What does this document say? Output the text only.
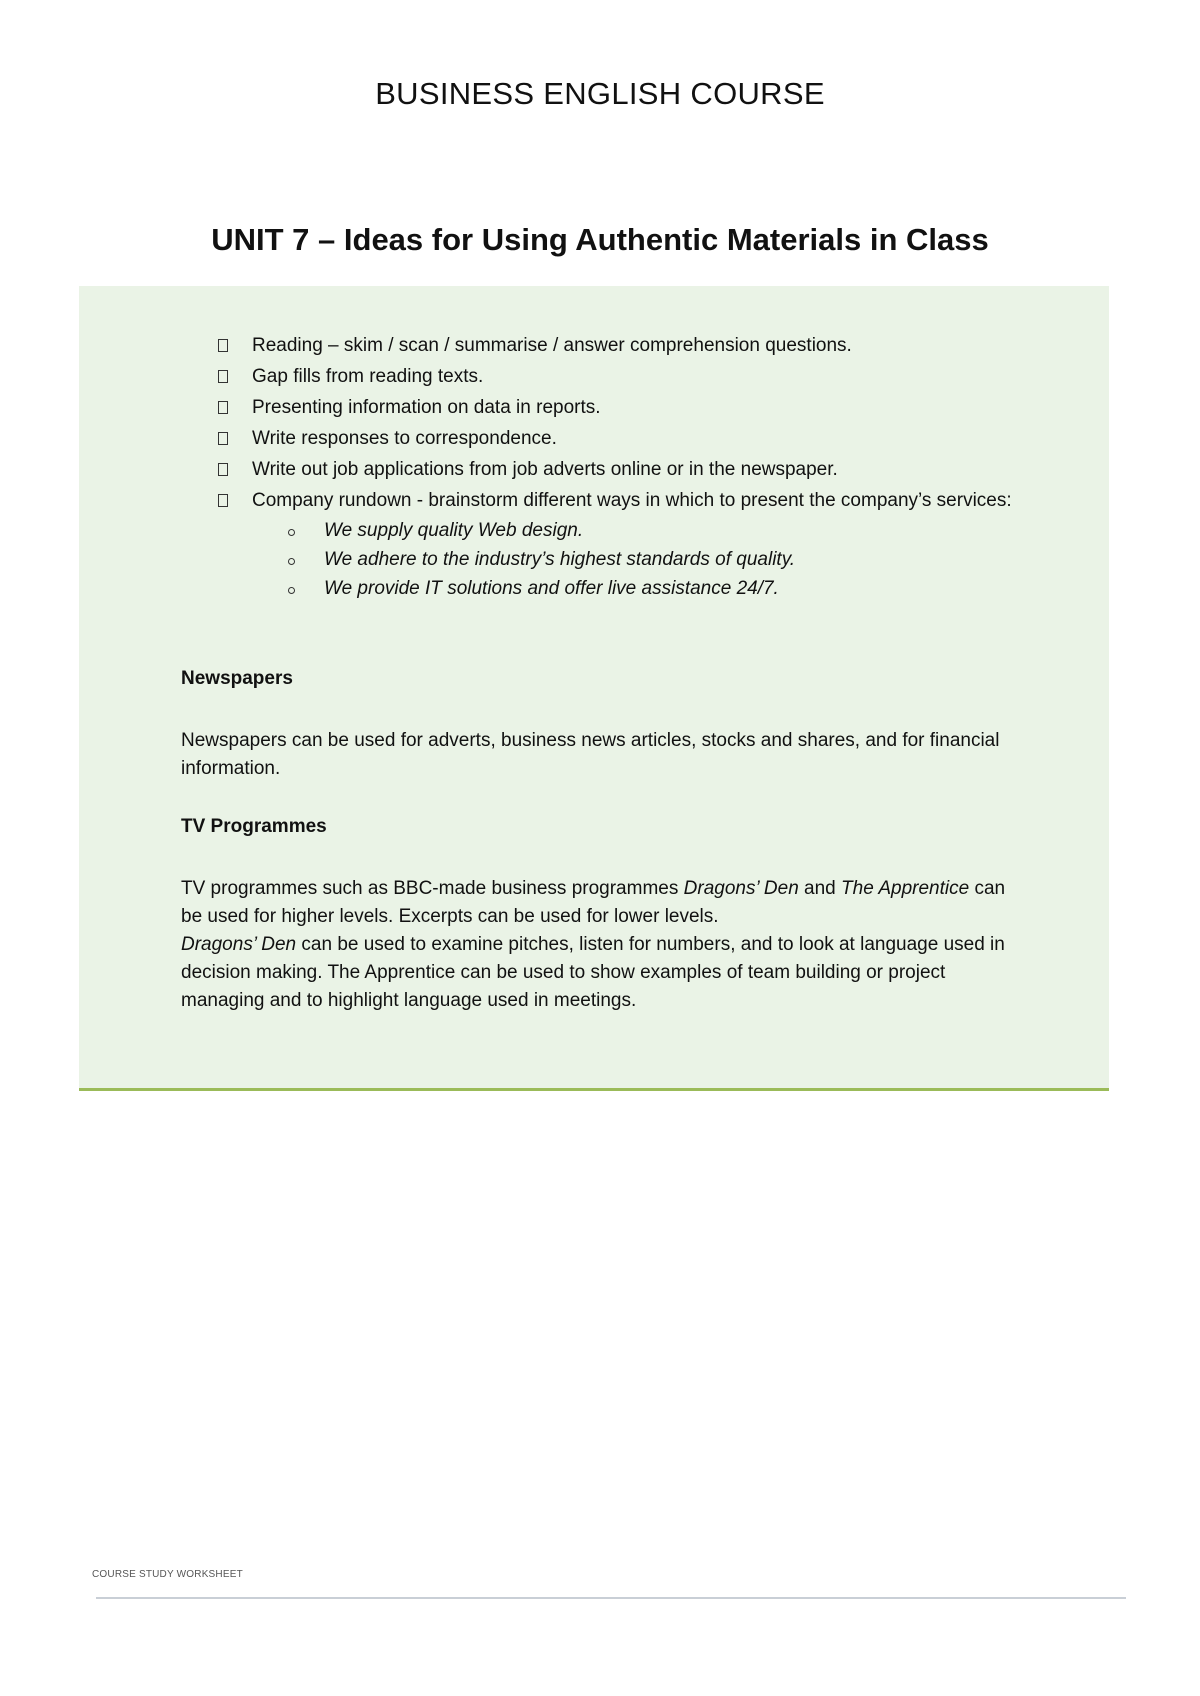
BUSINESS ENGLISH COURSE
UNIT 7 – Ideas for Using Authentic Materials in Class
Reading – skim / scan / summarise / answer comprehension questions.
Gap fills from reading texts.
Presenting information on data in reports.
Write responses to correspondence.
Write out job applications from job adverts online or in the newspaper.
Company rundown - brainstorm different ways in which to present the company’s services:
We supply quality Web design.
We adhere to the industry’s highest standards of quality.
We provide IT solutions and offer live assistance 24/7.
Newspapers
Newspapers can be used for adverts, business news articles, stocks and shares, and for financial information.
TV Programmes
TV programmes such as BBC-made business programmes Dragons’ Den and The Apprentice can be used for higher levels. Excerpts can be used for lower levels.
Dragons’ Den can be used to examine pitches, listen for numbers, and to look at language used in decision making. The Apprentice can be used to show examples of team building or project managing and to highlight language used in meetings.
COURSE STUDY WORKSHEET
